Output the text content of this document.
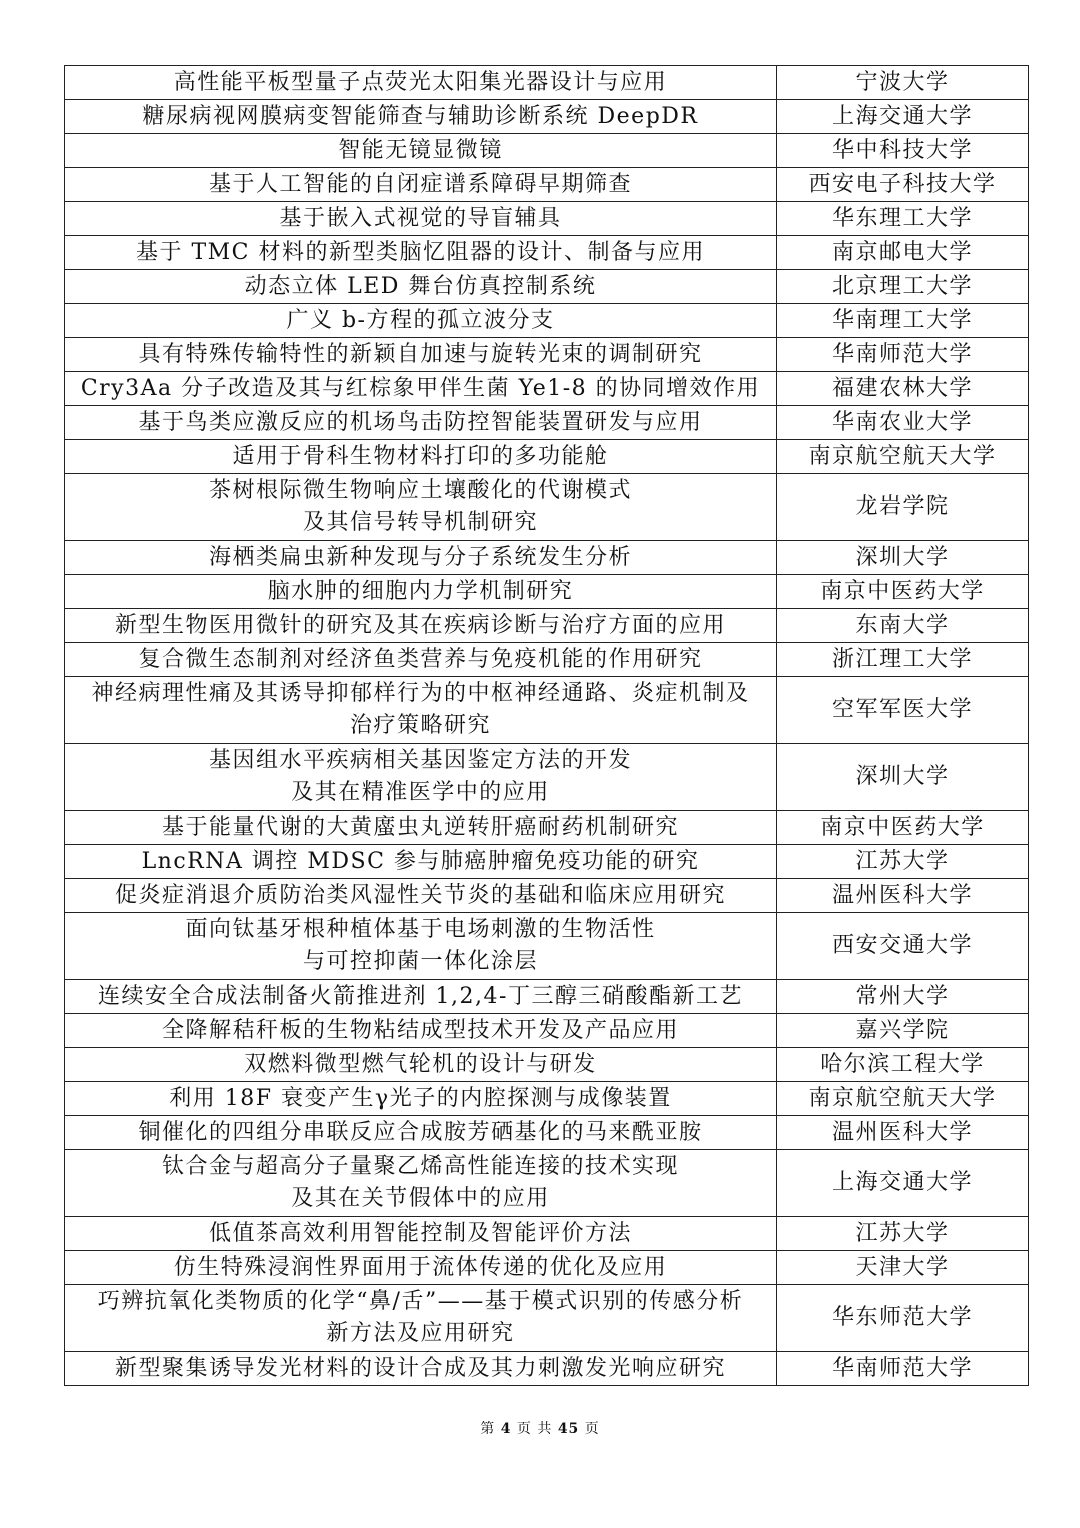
高性能平板型量子点荧光太阳集光器设计与应用	宁波大学

糖尿病视网膜病变智能筛查与辅助诊断系统 DeepDR	上海交通大学

智能无镜显微镜	华中科技大学

基于人工智能的自闭症谱系障碍早期筛查	西安电子科技大学

基于嵌入式视觉的导盲辅具	华东理工大学

基于 TMC 材料的新型类脑忆阻器的设计、制备与应用	南京邮电大学

动态立体 LED 舞台仿真控制系统	北京理工大学

广义 b-方程的孤立波分支	华南理工大学

具有特殊传输特性的新颖自加速与旋转光束的调制研究	华南师范大学

Cry3Aa 分子改造及其与红棕象甲伴生菌 Ye1-8 的协同增效作用	福建农林大学

基于鸟类应激反应的机场鸟击防控智能装置研发与应用	华南农业大学

适用于骨科生物材料打印的多功能舱	南京航空航天大学

茶树根际微生物响应土壤酸化的代谢模式
及其信号转导机制研究	龙岩学院

海栖类扁虫新种发现与分子系统发生分析	深圳大学

脑水肿的细胞内力学机制研究	南京中医药大学

新型生物医用微针的研究及其在疾病诊断与治疗方面的应用	东南大学

复合微生态制剂对经济鱼类营养与免疫机能的作用研究	浙江理工大学

神经病理性痛及其诱导抑郁样行为的中枢神经通路、炎症机制及
治疗策略研究	空军军医大学

基因组水平疾病相关基因鉴定方法的开发
及其在精准医学中的应用	深圳大学

基于能量代谢的大黄䗪虫丸逆转肝癌耐药机制研究	南京中医药大学

LncRNA 调控 MDSC 参与肺癌肿瘤免疫功能的研究	江苏大学

促炎症消退介质防治类风湿性关节炎的基础和临床应用研究	温州医科大学

面向钛基牙根种植体基于电场刺激的生物活性
与可控抑菌一体化涂层	西安交通大学

连续安全合成法制备火箭推进剂 1,2,4-丁三醇三硝酸酯新工艺	常州大学

全降解秸秆板的生物粘结成型技术开发及产品应用	嘉兴学院

双燃料微型燃气轮机的设计与研发	哈尔滨工程大学

利用 18F 衰变产生γ光子的内腔探测与成像装置	南京航空航天大学

铜催化的四组分串联反应合成胺芳硒基化的马来酰亚胺	温州医科大学

钛合金与超高分子量聚乙烯高性能连接的技术实现
及其在关节假体中的应用	上海交通大学

低值茶高效利用智能控制及智能评价方法	江苏大学

仿生特殊浸润性界面用于流体传递的优化及应用	天津大学

巧辨抗氧化类物质的化学“鼻/舌”——基于模式识别的传感分析
新方法及应用研究	华东师范大学

新型聚集诱导发光材料的设计合成及其力刺激发光响应研究	华南师范大学
第 4 页 共 45 页
